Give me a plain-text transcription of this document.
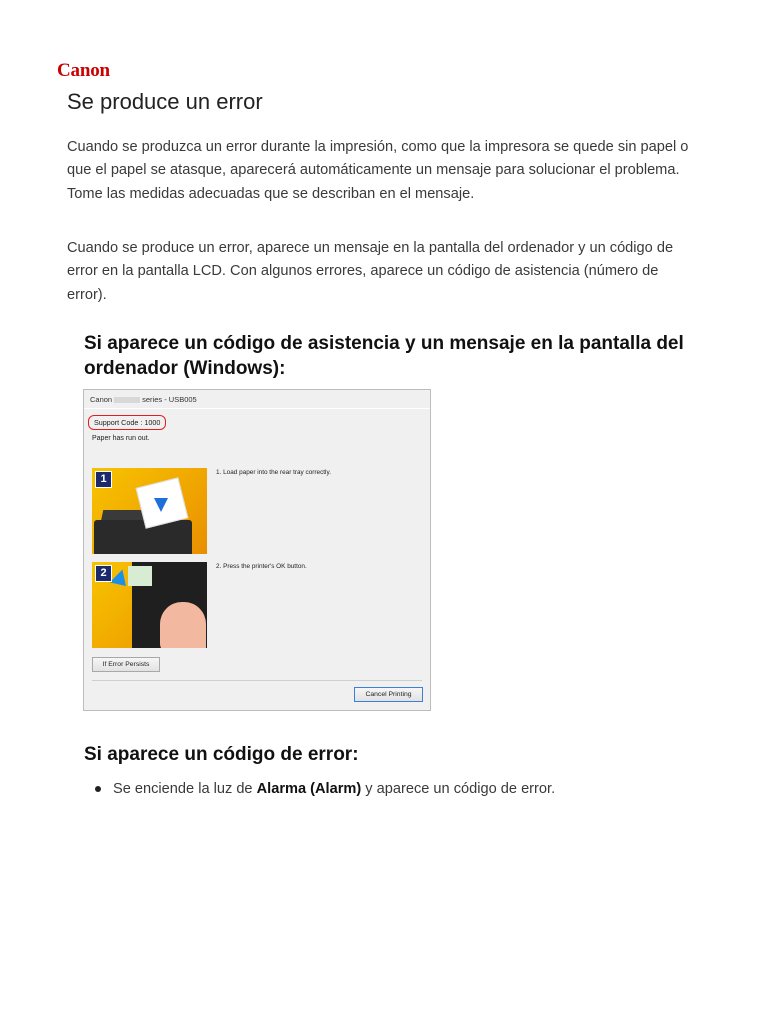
Canon
Se produce un error

Cuando se produzca un error durante la impresión, como que la impresora se quede sin papel o que el papel se atasque, aparecerá automáticamente un mensaje para solucionar el problema. Tome las medidas adecuadas que se describan en el mensaje.

Cuando se produce un error, aparece un mensaje en la pantalla del ordenador y un código de error en la pantalla LCD. Con algunos errores, aparece un código de asistencia (número de error).

Si aparece un código de asistencia y un mensaje en la pantalla del ordenador (Windows):
Canon	series - USB005
Support Code : 1000
Paper has run out.
1
1. Load paper into the rear tray correctly.
2
2. Press the printer's OK button.
If Error Persists
Cancel Printing
Si aparece un código de error:
Se enciende la luz de Alarma (Alarm) y aparece un código de error.
